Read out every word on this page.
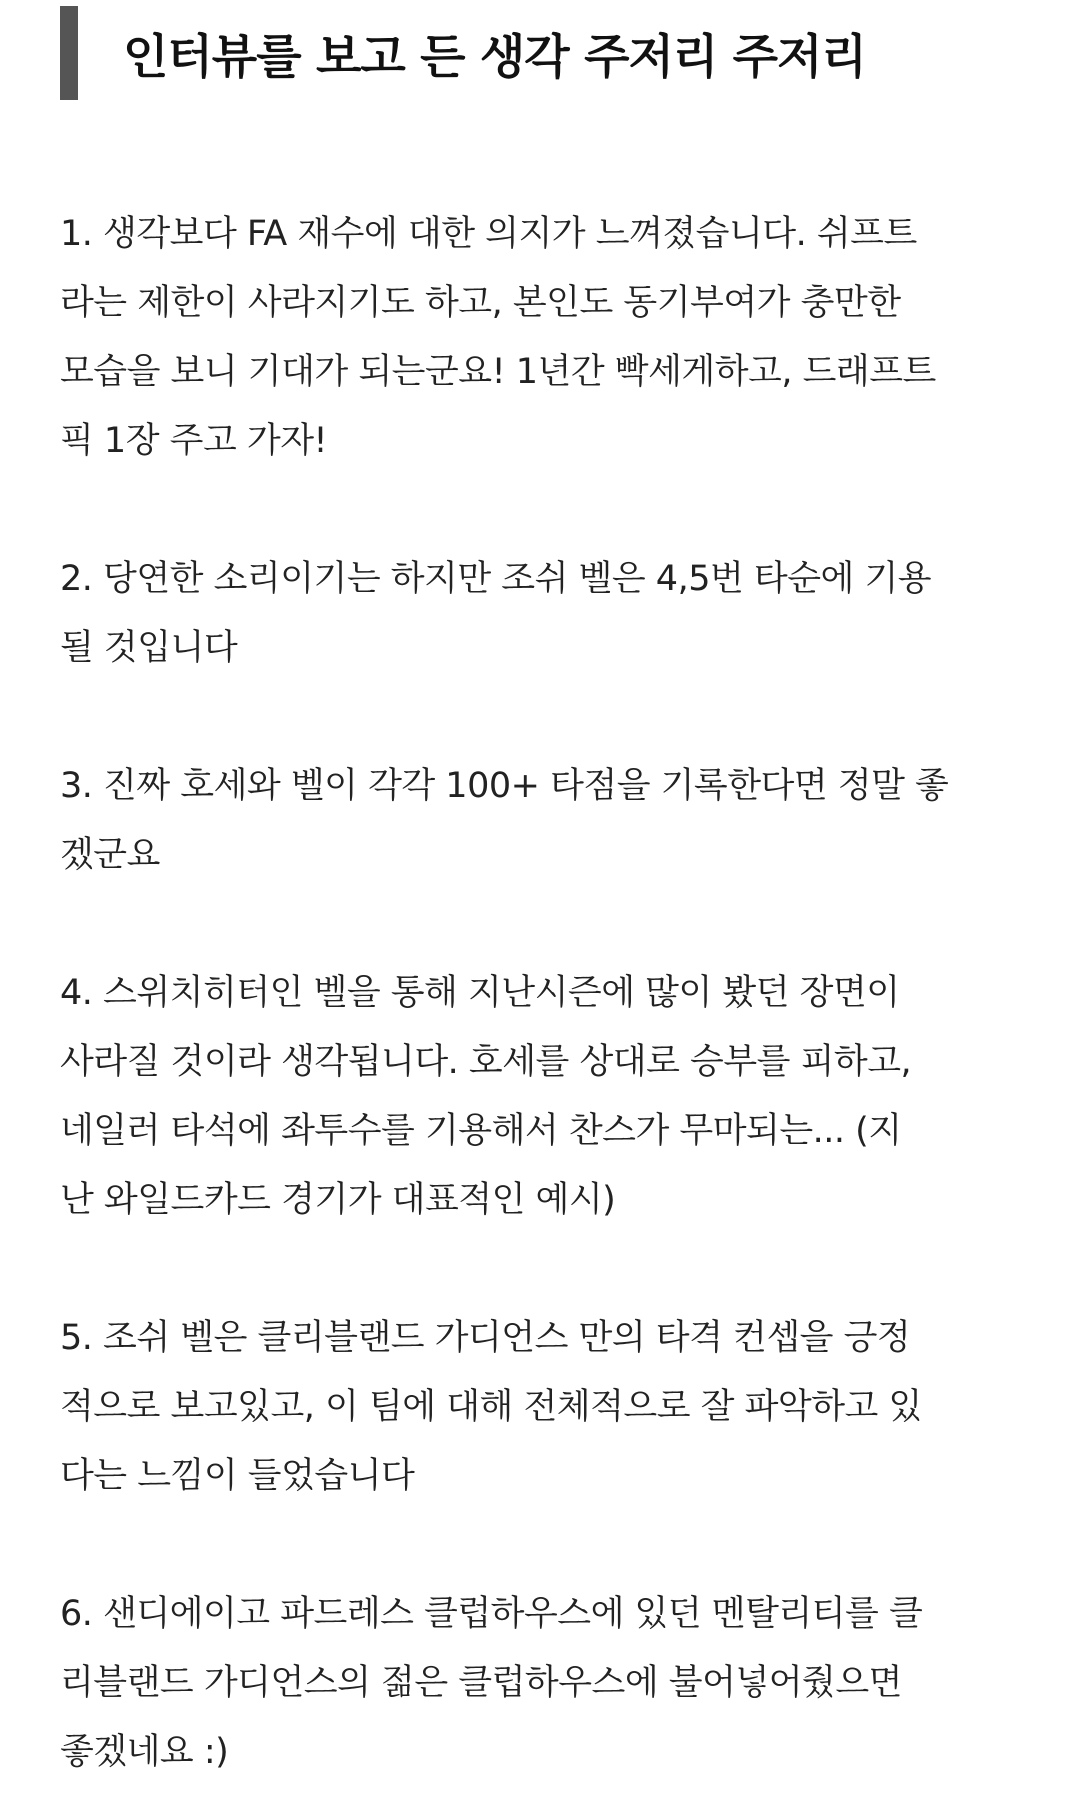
인터뷰를 보고 든 생각 주저리 주저리

1. 생각보다 FA 재수에 대한 의지가 느껴졌습니다. 쉬프트
라는 제한이 사라지기도 하고, 본인도 동기부여가 충만한
모습을 보니 기대가 되는군요! 1년간 빡세게하고, 드래프트
픽 1장 주고 가자!

2. 당연한 소리이기는 하지만 조쉬 벨은 4,5번 타순에 기용
될 것입니다

3. 진짜 호세와 벨이 각각 100+ 타점을 기록한다면 정말 좋
겠군요

4. 스위치히터인 벨을 통해 지난시즌에 많이 봤던 장면이
사라질 것이라 생각됩니다. 호세를 상대로 승부를 피하고,
네일러 타석에 좌투수를 기용해서 찬스가 무마되는... (지
난 와일드카드 경기가 대표적인 예시)

5. 조쉬 벨은 클리블랜드 가디언스 만의 타격 컨셉을 긍정
적으로 보고있고, 이 팀에 대해 전체적으로 잘 파악하고 있
다는 느낌이 들었습니다

6. 샌디에이고 파드레스 클럽하우스에 있던 멘탈리티를 클
리블랜드 가디언스의 젊은 클럽하우스에 불어넣어줬으면
좋겠네요 :)
